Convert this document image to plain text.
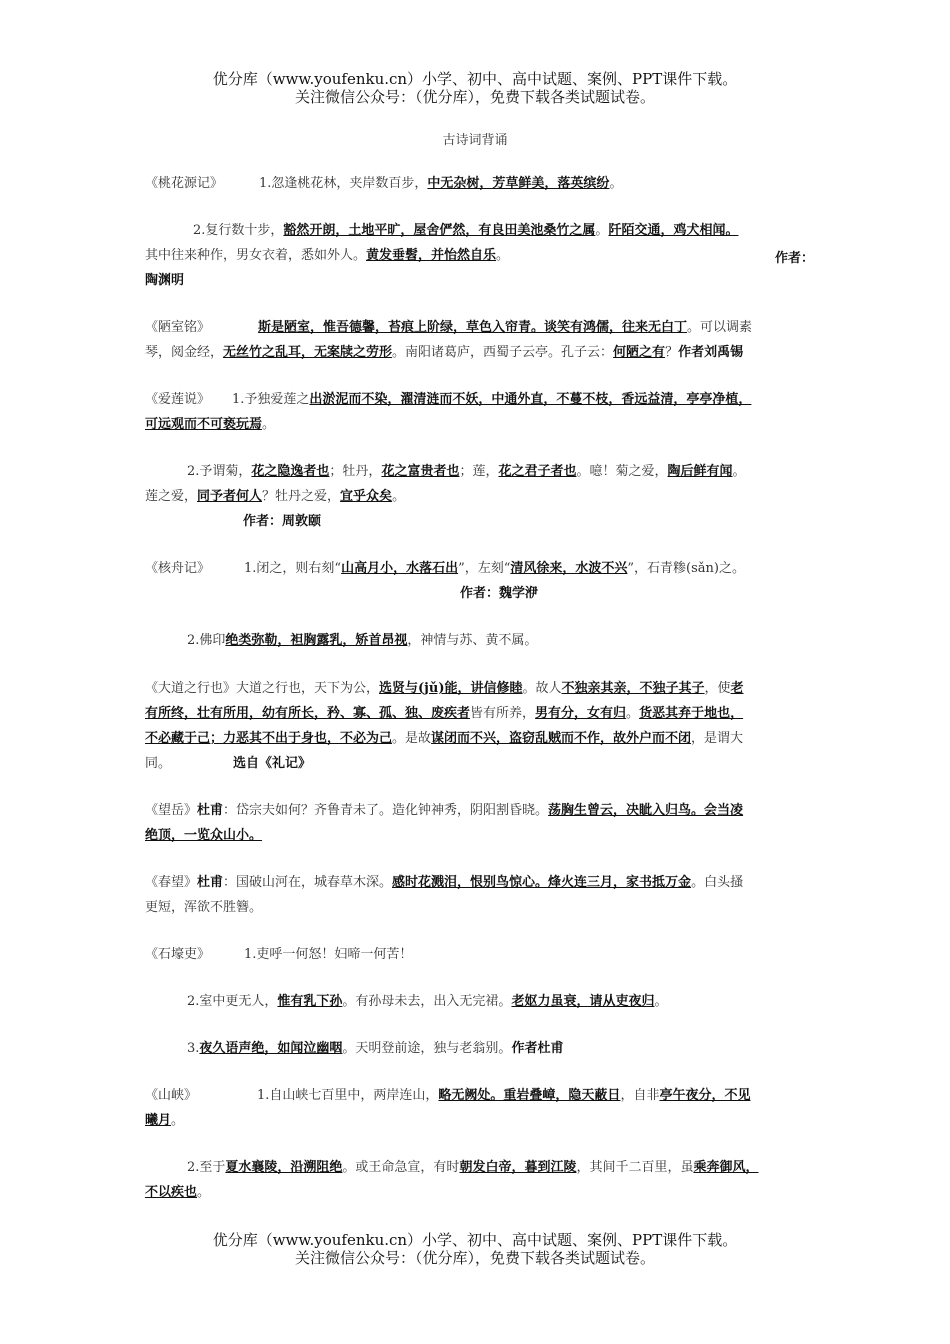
优分库（www.youfenku.cn）小学、初中、高中试题、案例、PPT课件下载。
关注微信公众号：（优分库），免费下载各类试题试卷。
古诗词背诵
《桃花源记》	1.忽逢桃花林，夹岸数百步，中无杂树，芳草鲜美，落英缤纷。
2.复行数十步，豁然开朗，土地平旷，屋舍俨然，有良田美池桑竹之属。阡陌交通，鸡犬相闻。
其中往来种作，男女衣着，悉如外人。黄发垂髫，并怡然自乐。	作者：
陶渊明
《陋室铭》	斯是陋室，惟吾德馨，苔痕上阶绿，草色入帘青。谈笑有鸿儒，往来无白丁。可以调素
琴，阅金经，无丝竹之乱耳，无案牍之劳形。南阳诸葛庐，西蜀子云亭。孔子云：何陋之有？作者刘禹锡
《爱莲说》 1.予独爱莲之出淤泥而不染，濯清涟而不妖，中通外直，不蔓不枝，香远益清，亭亭净植，
可远观而不可亵玩焉。
2.予谓菊，花之隐逸者也；牡丹，花之富贵者也；莲，花之君子者也。噫！菊之爱，陶后鲜有闻。
莲之爱，同予者何人？牡丹之爱，宜乎众矣。
作者：周敦颐
《核舟记》	1.闭之，则右刻“山高月小，水落石出”，左刻“清风徐来，水波不兴”，石青糁(sǎn)之。
作者：魏学洢
2.佛印绝类弥勒，袒胸露乳，矫首昂视，神情与苏、黄不属。
《大道之行也》大道之行也，天下为公，选贤与(jǔ)能，讲信修睦。故人不独亲其亲，不独子其子，使老
有所终，壮有所用，幼有所长，矜、寡、孤、独、废疾者皆有所养，男有分，女有归。货恶其弃于地也，
不必藏于己；力恶其不出于身也，不必为己。是故谋闭而不兴，盗窃乱贼而不作，故外户而不闭，是谓大
同。	选自《礼记》
《望岳》杜甫：岱宗夫如何？齐鲁青未了。造化钟神秀，阴阳割昏晓。荡胸生曾云，决眦入归鸟。会当凌
绝顶，一览众山小。
《春望》杜甫：国破山河在，城春草木深。感时花溅泪，恨别鸟惊心。烽火连三月，家书抵万金。白头搔
更短，浑欲不胜簪。
《石壕吏》	1.吏呼一何怒！妇啼一何苦！
2.室中更无人，惟有乳下孙。有孙母未去，出入无完裙。老妪力虽衰，请从吏夜归。
3.夜久语声绝，如闻泣幽咽。天明登前途，独与老翁别。作者杜甫
《山峡》	1.自山峡七百里中，两岸连山，略无阙处。重岩叠嶂，隐天蔽日，自非亭午夜分，不见
曦月。
2.至于夏水襄陵，沿溯阻绝。或王命急宣，有时朝发白帝，暮到江陵，其间千二百里，虽乘奔御风，
不以疾也。
优分库（www.youfenku.cn）小学、初中、高中试题、案例、PPT课件下载。
关注微信公众号：（优分库），免费下载各类试题试卷。
